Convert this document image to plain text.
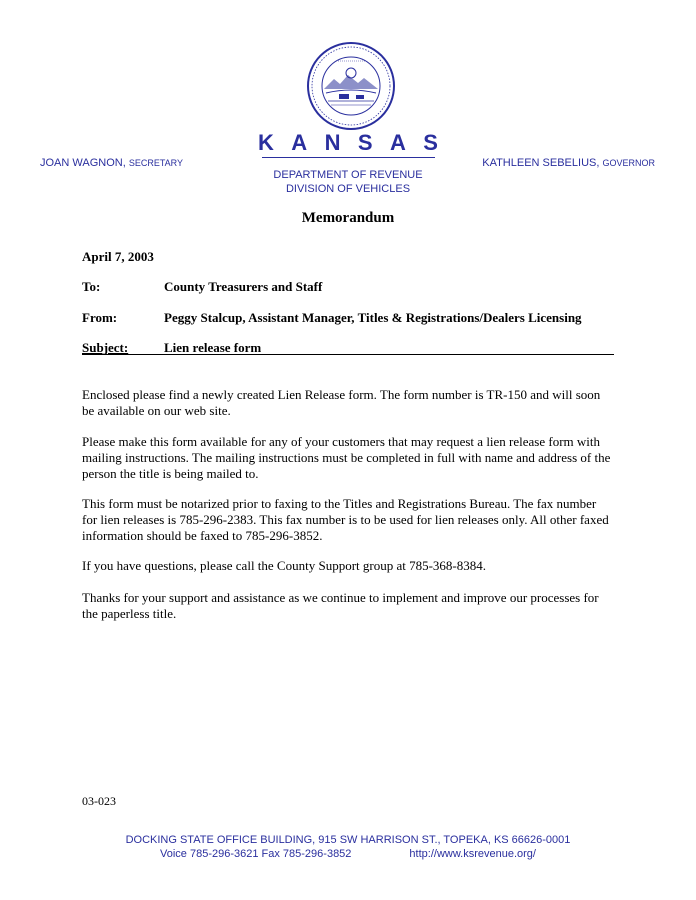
K A N S A S
JOAN WAGNON, SECRETARY	KATHLEEN SEBELIUS, GOVERNOR
DEPARTMENT OF REVENUE
DIVISION OF VEHICLES
Memorandum
April 7, 2003
To:	County Treasurers and Staff
From:	Peggy Stalcup, Assistant Manager, Titles & Registrations/Dealers Licensing
Subject:	Lien release form
Enclosed please find a newly created Lien Release form. The form number is TR-150 and will soon be available on our web site.
Please make this form available for any of your customers that may request a lien release form with mailing instructions. The mailing instructions must be completed in full with name and address of the person the title is being mailed to.
This form must be notarized prior to faxing to the Titles and Registrations Bureau. The fax number for lien releases is 785-296-2383. This fax number is to be used for lien releases only. All other faxed information should be faxed to 785-296-3852.
If you have questions, please call the County Support group at 785-368-8384.
Thanks for your support and assistance as we continue to implement and improve our processes for the paperless title.
03-023
DOCKING STATE OFFICE BUILDING, 915 SW HARRISON ST., TOPEKA, KS 66626-0001
Voice 785-296-3621 Fax 785-296-3852	http://www.ksrevenue.org/
